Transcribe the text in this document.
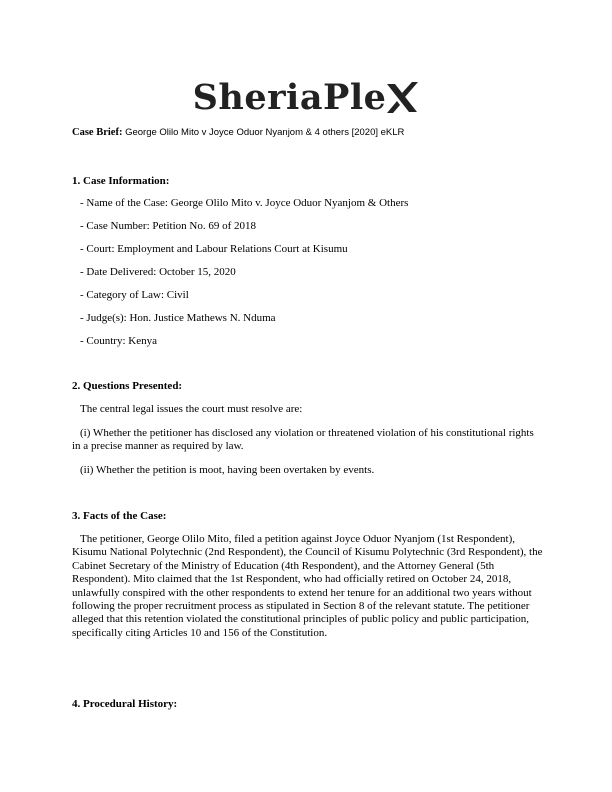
SheriaPle
Case Brief: George Olilo Mito v Joyce Oduor Nyanjom & 4 others [2020] eKLR
1. Case Information:
- Name of the Case: George Olilo Mito v. Joyce Oduor Nyanjom & Others
- Case Number: Petition No. 69 of 2018
- Court: Employment and Labour Relations Court at Kisumu
- Date Delivered: October 15, 2020
- Category of Law: Civil
- Judge(s): Hon. Justice Mathews N. Nduma
- Country: Kenya
2. Questions Presented:
The central legal issues the court must resolve are:
(i) Whether the petitioner has disclosed any violation or threatened violation of his constitutional rights in a precise manner as required by law.
(ii) Whether the petition is moot, having been overtaken by events.
3. Facts of the Case:
The petitioner, George Olilo Mito, filed a petition against Joyce Oduor Nyanjom (1st Respondent), Kisumu National Polytechnic (2nd Respondent), the Council of Kisumu Polytechnic (3rd Respondent), the Cabinet Secretary of the Ministry of Education (4th Respondent), and the Attorney General (5th Respondent). Mito claimed that the 1st Respondent, who had officially retired on October 24, 2018, unlawfully conspired with the other respondents to extend her tenure for an additional two years without following the proper recruitment process as stipulated in Section 8 of the relevant statute. The petitioner alleged that this retention violated the constitutional principles of public policy and public participation, specifically citing Articles 10 and 156 of the Constitution.
4. Procedural History:
